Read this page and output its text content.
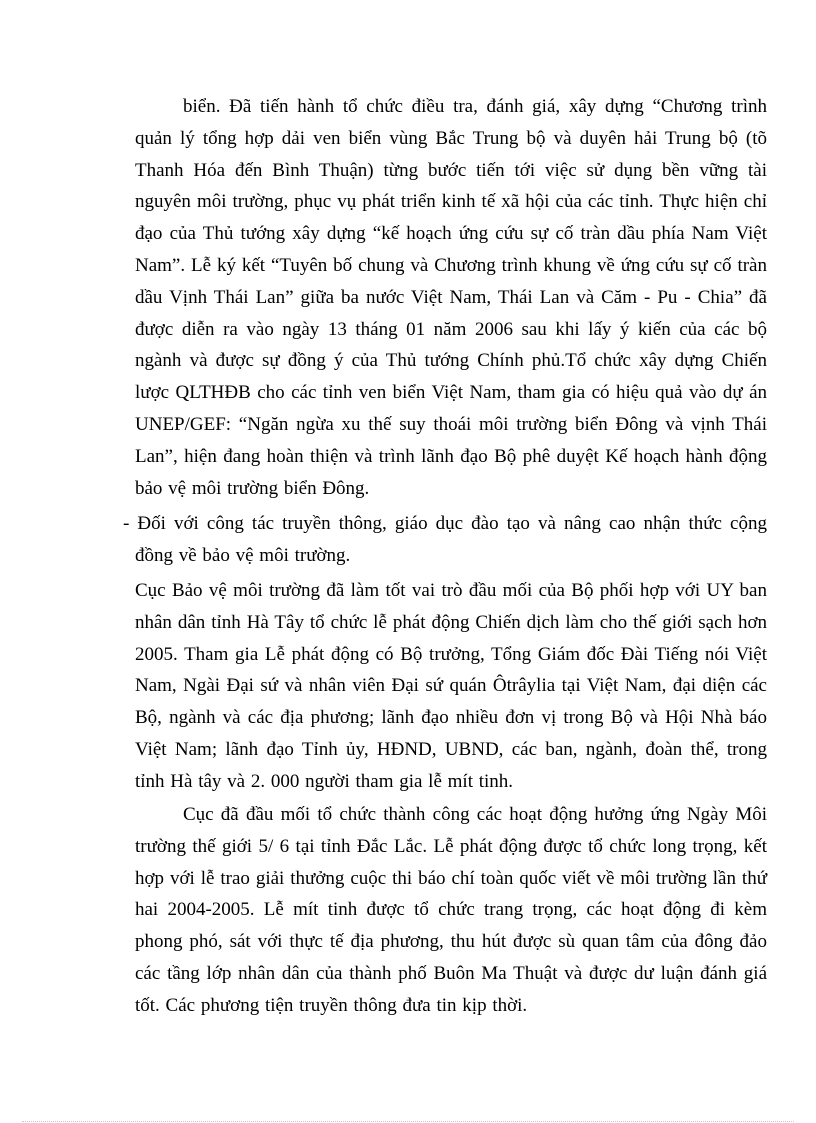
biển. Đã tiến hành tổ chức điều tra, đánh giá, xây dựng “Chương trình quản lý tổng hợp dải ven biển vùng Bắc Trung bộ và duyên hải Trung bộ (tõ Thanh Hóa đến Bình Thuận) từng bước tiến tới việc sử dụng bền vững tài nguyên môi trường, phục vụ phát triển kinh tế xã hội của các tỉnh. Thực hiện chỉ đạo của Thủ tướng xây dựng “kế hoạch ứng cứu sự cố tràn dầu phía Nam Việt Nam”. Lễ ký kết “Tuyên bố chung và Chương trình khung về ứng cứu sự cố tràn dầu Vịnh Thái Lan” giữa ba nước Việt Nam, Thái Lan và Căm - Pu - Chia” đã được diễn ra vào ngày 13 tháng 01 năm 2006 sau khi lấy ý kiến của các bộ ngành và được sự đồng ý của Thủ tướng Chính phủ.Tổ chức xây dựng Chiến lược QLTHĐB cho các tỉnh ven biển Việt Nam, tham gia có hiệu quả vào dự án UNEP/GEF: “Ngăn ngừa xu thế suy thoái môi trường biển Đông và vịnh Thái Lan”, hiện đang hoàn thiện và trình lãnh đạo Bộ phê duyệt Kế hoạch hành động bảo vệ môi trường biển Đông.

- Đối với công tác truyền thông, giáo dục đào tạo và nâng cao nhận thức cộng đồng về bảo vệ môi trường.

Cục Bảo vệ môi trường đã làm tốt vai trò đầu mối của Bộ phối hợp với UY ban nhân dân tỉnh Hà Tây tổ chức lễ phát động Chiến dịch làm cho thế giới sạch hơn 2005. Tham gia Lễ phát động có Bộ trưởng, Tổng Giám đốc Đài Tiếng nói Việt Nam, Ngài Đại sứ và nhân viên Đại sứ quán Ôtrâylia tại Việt Nam, đại diện các Bộ, ngành và các địa phương; lãnh đạo nhiều đơn vị trong Bộ và Hội Nhà báo Việt Nam; lãnh đạo Tỉnh ủy, HĐND, UBND, các ban, ngành, đoàn thể, trong tỉnh Hà tây và 2. 000 người tham gia lễ mít tinh.

Cục đã đầu mối tổ chức thành công các hoạt động hưởng ứng Ngày Môi trường thế giới 5/ 6 tại tỉnh Đắc Lắc. Lễ phát động được tổ chức long trọng, kết hợp với lễ trao giải thưởng cuộc thi báo chí toàn quốc viết về môi trường lần thứ hai 2004-2005. Lễ mít tinh được tổ chức trang trọng, các hoạt động đi kèm phong phó, sát với thực tế địa phương, thu hút được sù quan tâm của đông đảo các tầng lớp nhân dân của thành phố Buôn Ma Thuật và được dư luận đánh giá tốt. Các phương tiện truyền thông đưa tin kịp thời.
